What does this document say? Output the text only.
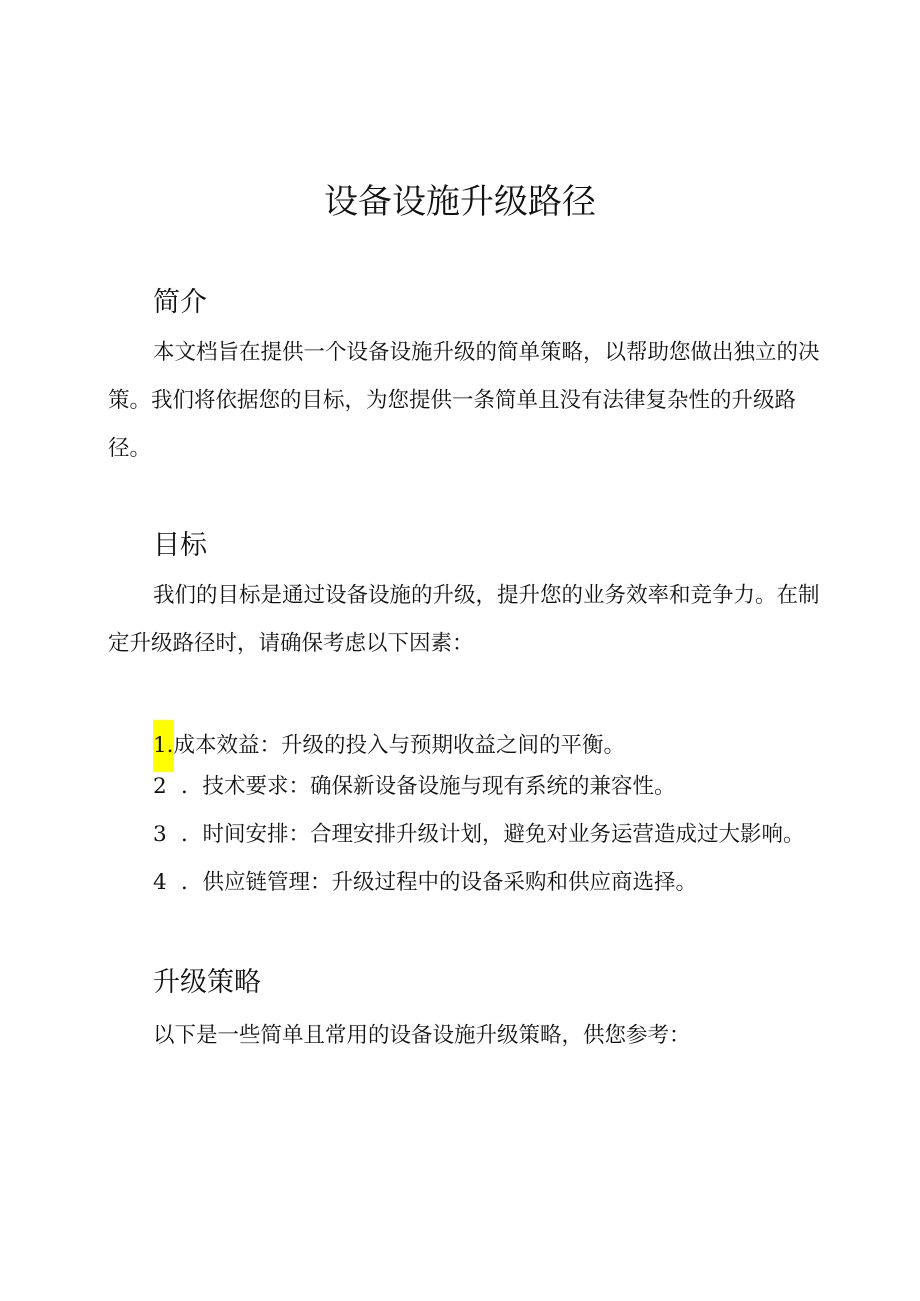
设备设施升级路径
简介

本文档旨在提供一个设备设施升级的简单策略，以帮助您做出独立的决策。我们将依据您的目标，为您提供一条简单且没有法律复杂性的升级路径。

目标

我们的目标是通过设备设施的升级，提升您的业务效率和竞争力。在制定升级路径时，请确保考虑以下因素：

1.成本效益：升级的投入与预期收益之间的平衡。
2 ．技术要求：确保新设备设施与现有系统的兼容性。
3 ．时间安排：合理安排升级计划，避免对业务运营造成过大影响。
4 ．供应链管理：升级过程中的设备采购和供应商选择。
升级策略

以下是一些简单且常用的设备设施升级策略，供您参考：
